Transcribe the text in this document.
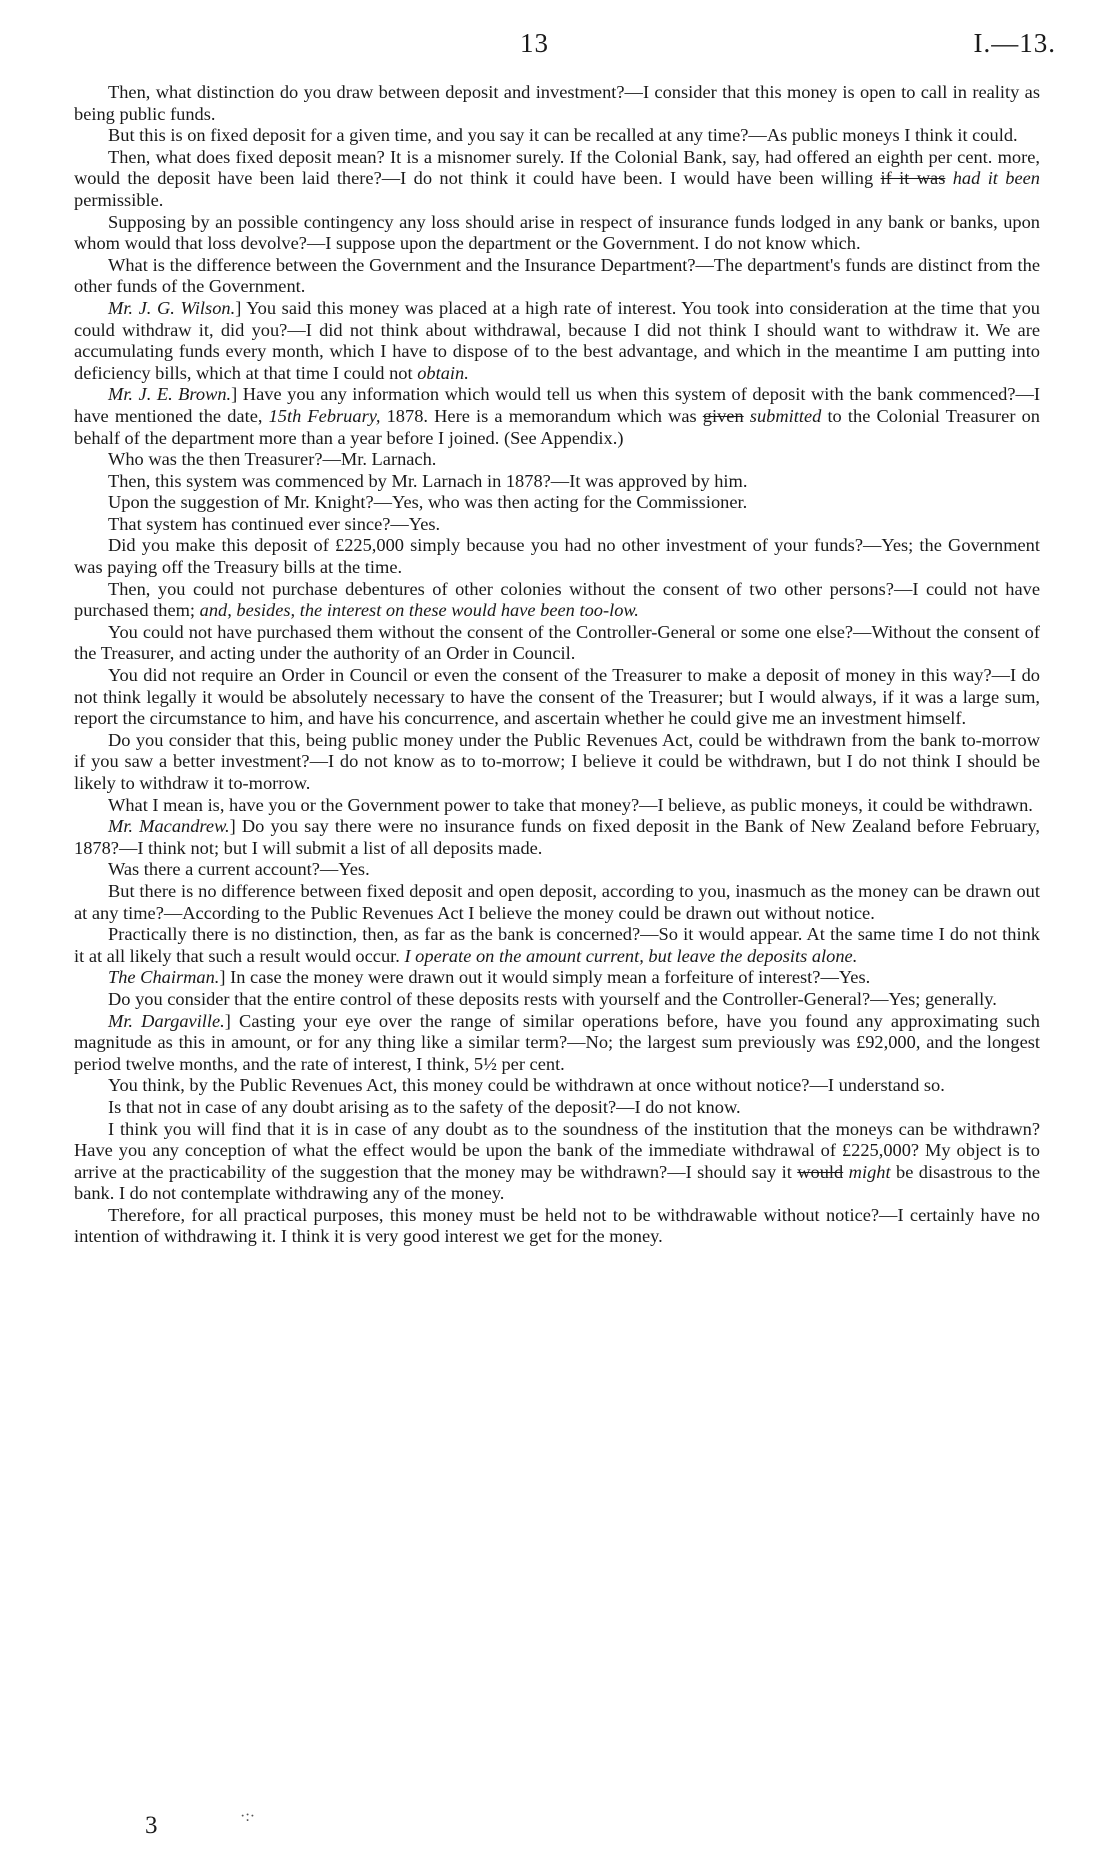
13	I.—13.

Then, what distinction do you draw between deposit and investment?—I consider that this money is open to call in reality as being public funds.

But this is on fixed deposit for a given time, and you say it can be recalled at any time?—As public moneys I think it could.

Then, what does fixed deposit mean? It is a misnomer surely. If the Colonial Bank, say, had offered an eighth per cent. more, would the deposit have been laid there?—I do not think it could have been. I would have been willing if it was had it been permissible.

Supposing by an possible contingency any loss should arise in respect of insurance funds lodged in any bank or banks, upon whom would that loss devolve?—I suppose upon the department or the Government. I do not know which.

What is the difference between the Government and the Insurance Department?—The department's funds are distinct from the other funds of the Government.

Mr. J. G. Wilson.] You said this money was placed at a high rate of interest. You took into consideration at the time that you could withdraw it, did you?—I did not think about withdrawal, because I did not think I should want to withdraw it. We are accumulating funds every month, which I have to dispose of to the best advantage, and which in the meantime I am putting into deficiency bills, which at that time I could not obtain.

Mr. J. E. Brown.] Have you any information which would tell us when this system of deposit with the bank commenced?—I have mentioned the date, 15th February, 1878. Here is a memorandum which was given submitted to the Colonial Treasurer on behalf of the department more than a year before I joined. (See Appendix.)

Who was the then Treasurer?—Mr. Larnach.

Then, this system was commenced by Mr. Larnach in 1878?—It was approved by him.

Upon the suggestion of Mr. Knight?—Yes, who was then acting for the Commissioner.

That system has continued ever since?—Yes.

Did you make this deposit of £225,000 simply because you had no other investment of your funds?—Yes; the Government was paying off the Treasury bills at the time.

Then, you could not purchase debentures of other colonies without the consent of two other persons?—I could not have purchased them; and, besides, the interest on these would have been too-low.

You could not have purchased them without the consent of the Controller-General or some one else?—Without the consent of the Treasurer, and acting under the authority of an Order in Council.

You did not require an Order in Council or even the consent of the Treasurer to make a deposit of money in this way?—I do not think legally it would be absolutely necessary to have the consent of the Treasurer; but I would always, if it was a large sum, report the circumstance to him, and have his concurrence, and ascertain whether he could give me an investment himself.

Do you consider that this, being public money under the Public Revenues Act, could be withdrawn from the bank to-morrow if you saw a better investment?—I do not know as to to-morrow; I believe it could be withdrawn, but I do not think I should be likely to withdraw it to-morrow.

What I mean is, have you or the Government power to take that money?—I believe, as public moneys, it could be withdrawn.

Mr. Macandrew.] Do you say there were no insurance funds on fixed deposit in the Bank of New Zealand before February, 1878?—I think not; but I will submit a list of all deposits made.

Was there a current account?—Yes.

But there is no difference between fixed deposit and open deposit, according to you, inasmuch as the money can be drawn out at any time?—According to the Public Revenues Act I believe the money could be drawn out without notice.

Practically there is no distinction, then, as far as the bank is concerned?—So it would appear. At the same time I do not think it at all likely that such a result would occur. I operate on the amount current, but leave the deposits alone.

The Chairman.] In case the money were drawn out it would simply mean a forfeiture of interest?—Yes.

Do you consider that the entire control of these deposits rests with yourself and the Controller-General?—Yes; generally.

Mr. Dargaville.] Casting your eye over the range of similar operations before, have you found any approximating such magnitude as this in amount, or for any thing like a similar term?—No; the largest sum previously was £92,000, and the longest period twelve months, and the rate of interest, I think, 5½ per cent.

You think, by the Public Revenues Act, this money could be withdrawn at once without notice?—I understand so.

Is that not in case of any doubt arising as to the safety of the deposit?—I do not know.

I think you will find that it is in case of any doubt as to the soundness of the institution that the moneys can be withdrawn? Have you any conception of what the effect would be upon the bank of the immediate withdrawal of £225,000? My object is to arrive at the practicability of the suggestion that the money may be withdrawn?—I should say it would might be disastrous to the bank. I do not contemplate withdrawing any of the money.

Therefore, for all practical purposes, this money must be held not to be withdrawable without notice?—I certainly have no intention of withdrawing it. I think it is very good interest we get for the money.

3	·:·
